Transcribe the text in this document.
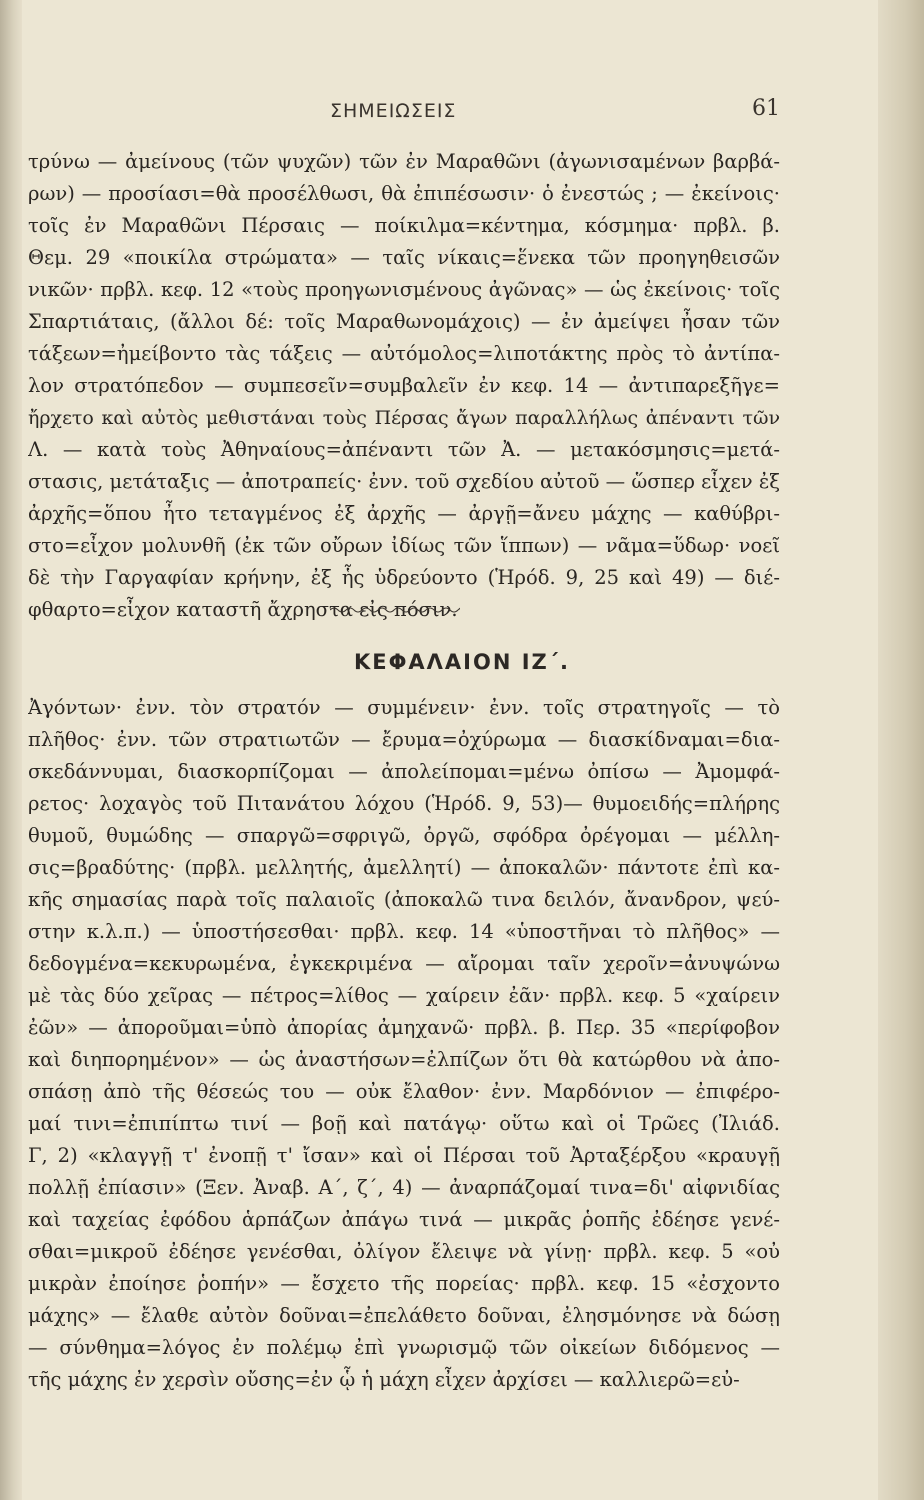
ΣΗΜΕΙΩΣΕΙΣ	61
τρύνω — ἀμείνους (τῶν ψυχῶν) τῶν ἐν Μαραθῶνι (ἀγωνισαμένων βαρβά-
ρων) — προσίασι=θὰ προσέλθωσι, θὰ ἐπιπέσωσιν· ὁ ἐνεστώς ; — ἐκείνοις·
τοῖς ἐν Μαραθῶνι Πέρσαις — ποίκιλμα=κέντημα, κόσμημα· πρβλ. β.
Θεμ. 29 «ποικίλα στρώματα» — ταῖς νίκαις=ἕνεκα τῶν προηγηθεισῶν
νικῶν· πρβλ. κεφ. 12 «τοὺς προηγωνισμένους ἀγῶνας» — ὡς ἐκείνοις· τοῖς
Σπαρτιάταις, (ἄλλοι δέ: τοῖς Μαραθωνομάχοις) — ἐν ἀμείψει ἦσαν τῶν
τάξεων=ἠμείβοντο τὰς τάξεις — αὐτόμολος=λιποτάκτης πρὸς τὸ ἀντίπα-
λον στρατόπεδον — συμπεσεῖν=συμβαλεῖν ἐν κεφ. 14 — ἀντιπαρεξῆγε=
ἤρχετο καὶ αὐτὸς μεθιστάναι τοὺς Πέρσας ἄγων παραλλήλως ἀπέναντι τῶν
Λ. — κατὰ τοὺς Ἀθηναίους=ἀπέναντι τῶν Ἀ. — μετακόσμησις=μετά-
στασις, μετάταξις — ἀποτραπείς· ἐνν. τοῦ σχεδίου αὐτοῦ — ὥσπερ εἶχεν ἐξ
ἀρχῆς=ὅπου ἦτο τεταγμένος ἐξ ἀρχῆς — ἀργῇ=ἄνευ μάχης — καθύβρι-
στο=εἶχον μολυνθῆ (ἐκ τῶν οὔρων ἰδίως τῶν ἵππων) — νᾶμα=ὕδωρ· νοεῖ
δὲ τὴν Γαργαφίαν κρήνην, ἐξ ἧς ὑδρεύοντο (Ἡρόδ. 9, 25 καὶ 49) — διέ-
φθαρτο=εἶχον καταστῆ ἄχρηστα εἰς πόσιν.
ΚΕΦΑΛΑΙΟΝ ΙΖ΄.
Ἀγόντων· ἐνν. τὸν στρατόν — συμμένειν· ἐνν. τοῖς στρατηγοῖς — τὸ
πλῆθος· ἐνν. τῶν στρατιωτῶν — ἔρυμα=ὀχύρωμα — διασκίδναμαι=δια-
σκεδάννυμαι, διασκορπίζομαι — ἀπολείπομαι=μένω ὀπίσω — Ἀμομφά-
ρετος· λοχαγὸς τοῦ Πιτανάτου λόχου (Ἡρόδ. 9, 53)— θυμοειδής=πλήρης
θυμοῦ, θυμώδης — σπαργῶ=σφριγῶ, ὀργῶ, σφόδρα ὀρέγομαι — μέλλη-
σις=βραδύτης· (πρβλ. μελλητής, ἀμελλητί) — ἀποκαλῶν· πάντοτε ἐπὶ κα-
κῆς σημασίας παρὰ τοῖς παλαιοῖς (ἀποκαλῶ τινα δειλόν, ἄνανδρον, ψεύ-
στην κ.λ.π.) — ὑποστήσεσθαι· πρβλ. κεφ. 14 «ὑποστῆναι τὸ πλῆθος» —
δεδογμένα=κεκυρωμένα, ἐγκεκριμένα — αἴρομαι ταῖν χεροῖν=ἀνυψώνω
μὲ τὰς δύο χεῖρας — πέτρος=λίθος — χαίρειν ἐᾶν· πρβλ. κεφ. 5 «χαίρειν
ἐῶν» — ἀποροῦμαι=ὑπὸ ἀπορίας ἀμηχανῶ· πρβλ. β. Περ. 35 «περίφοβον
καὶ διηπορημένον» — ὡς ἀναστήσων=ἐλπίζων ὅτι θὰ κατώρθου νὰ ἀπο-
σπάσῃ ἀπὸ τῆς θέσεώς του — οὐκ ἔλαθον· ἐνν. Μαρδόνιον — ἐπιφέρο-
μαί τινι=ἐπιπίπτω τινί — βοῇ καὶ πατάγῳ· οὕτω καὶ οἱ Τρῶες (Ἰλιάδ.
Γ, 2) «κλαγγῇ τ' ἐνοπῇ τ' ἴσαν» καὶ οἱ Πέρσαι τοῦ Ἀρταξέρξου «κραυγῇ
πολλῇ ἐπίασιν» (Ξεν. Ἀναβ. Α΄, ζ΄, 4) — ἀναρπάζομαί τινα=δι' αἰφνιδίας
καὶ ταχείας ἐφόδου ἁρπάζων ἀπάγω τινά — μικρᾶς ῥοπῆς ἐδέησε γενέ-
σθαι=μικροῦ ἐδέησε γενέσθαι, ὀλίγον ἔλειψε νὰ γίνῃ· πρβλ. κεφ. 5 «οὐ
μικρὰν ἐποίησε ῥοπήν» — ἔσχετο τῆς πορείας· πρβλ. κεφ. 15 «ἐσχοντο
μάχης» — ἔλαθε αὐτὸν δοῦναι=ἐπελάθετο δοῦναι, ἐλησμόνησε νὰ δώσῃ
— σύνθημα=λόγος ἐν πολέμῳ ἐπὶ γνωρισμῷ τῶν οἰκείων διδόμενος —
τῆς μάχης ἐν χερσὶν οὔσης=ἐν ᾧ ἡ μάχη εἶχεν ἀρχίσει — καλλιερῶ=εὐ-
